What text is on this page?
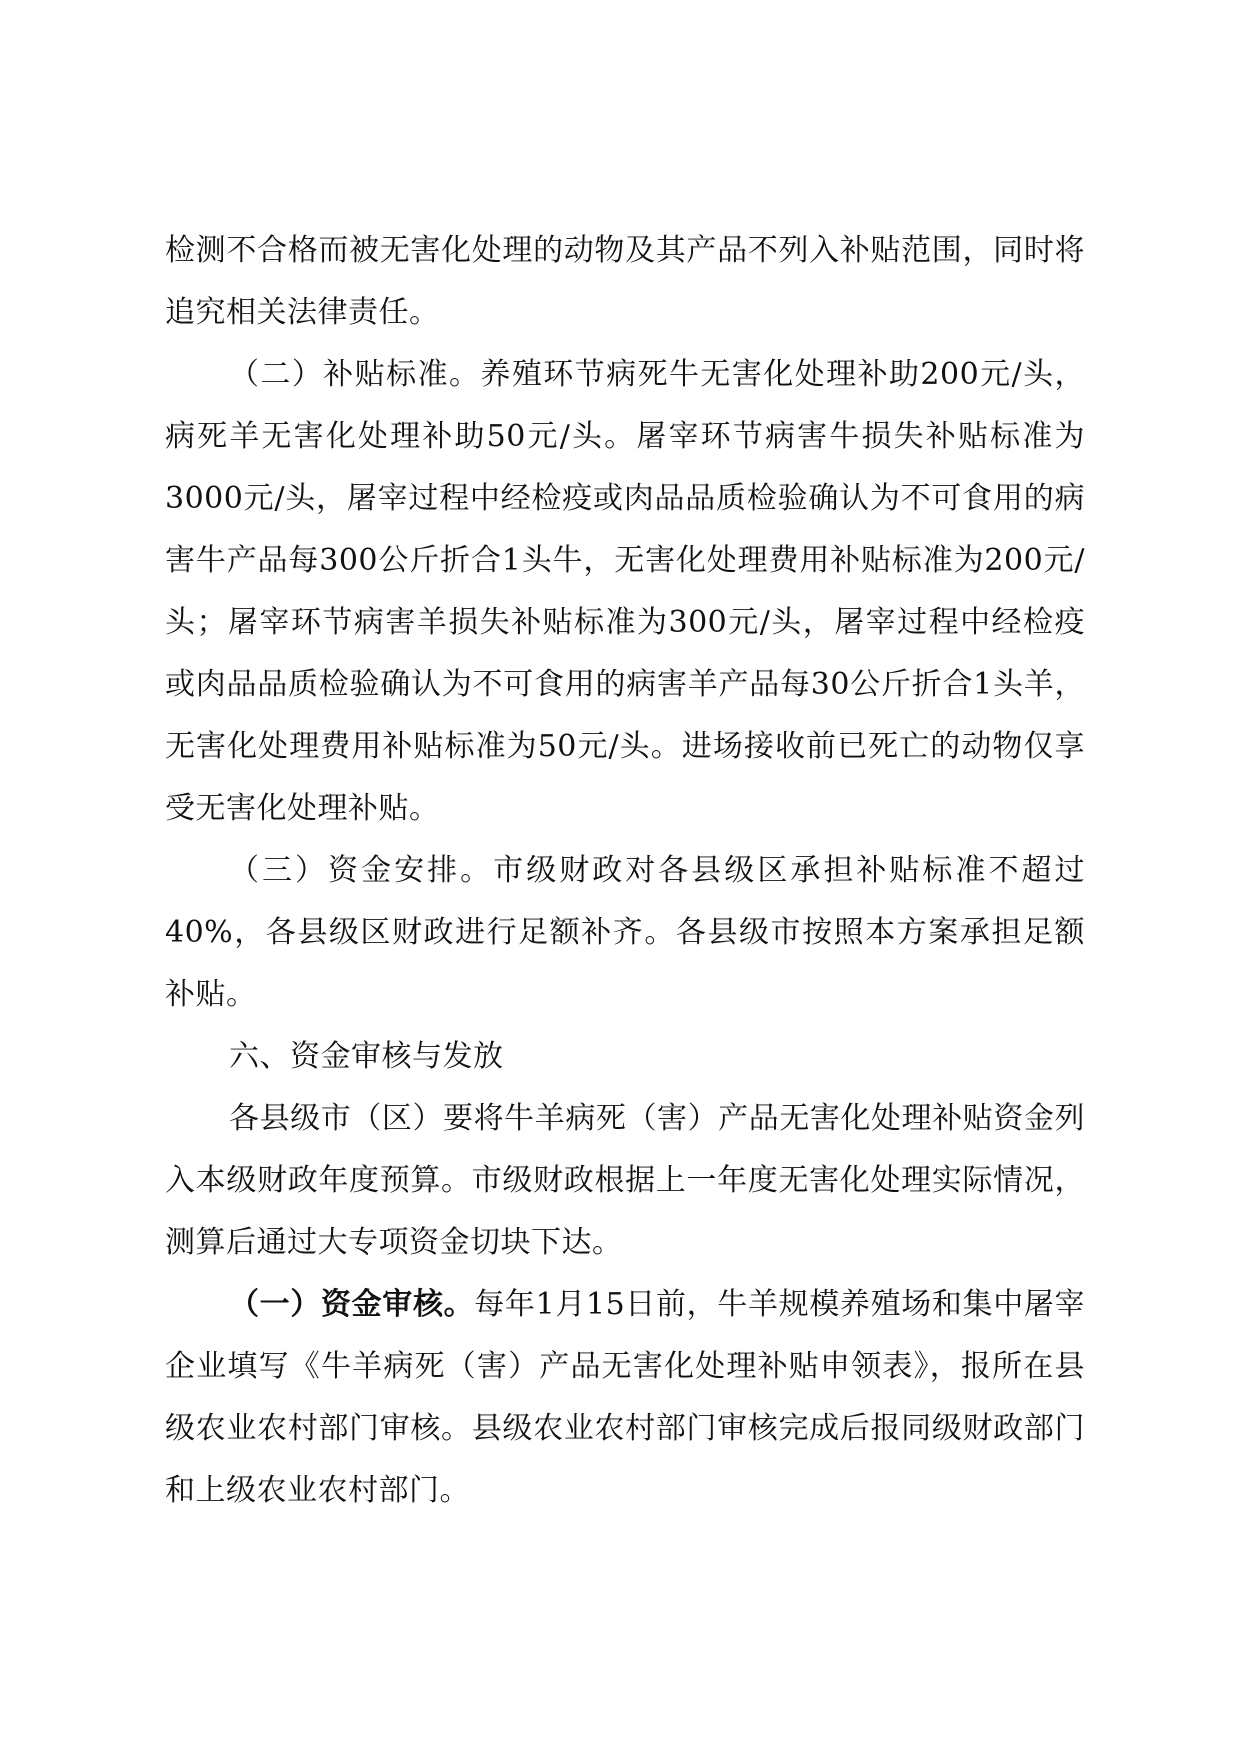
检测不合格而被无害化处理的动物及其产品不列入补贴范围，同时将追究相关法律责任。

（二）补贴标准。养殖环节病死牛无害化处理补助200元/头，病死羊无害化处理补助50元/头。屠宰环节病害牛损失补贴标准为3000元/头，屠宰过程中经检疫或肉品品质检验确认为不可食用的病害牛产品每300公斤折合1头牛，无害化处理费用补贴标准为200元/头；屠宰环节病害羊损失补贴标准为300元/头，屠宰过程中经检疫或肉品品质检验确认为不可食用的病害羊产品每30公斤折合1头羊，无害化处理费用补贴标准为50元/头。进场接收前已死亡的动物仅享受无害化处理补贴。

（三）资金安排。市级财政对各县级区承担补贴标准不超过40%，各县级区财政进行足额补齐。各县级市按照本方案承担足额补贴。

六、资金审核与发放

各县级市（区）要将牛羊病死（害）产品无害化处理补贴资金列入本级财政年度预算。市级财政根据上一年度无害化处理实际情况，测算后通过大专项资金切块下达。

（一）资金审核。每年1月15日前，牛羊规模养殖场和集中屠宰企业填写《牛羊病死（害）产品无害化处理补贴申领表》，报所在县级农业农村部门审核。县级农业农村部门审核完成后报同级财政部门和上级农业农村部门。
